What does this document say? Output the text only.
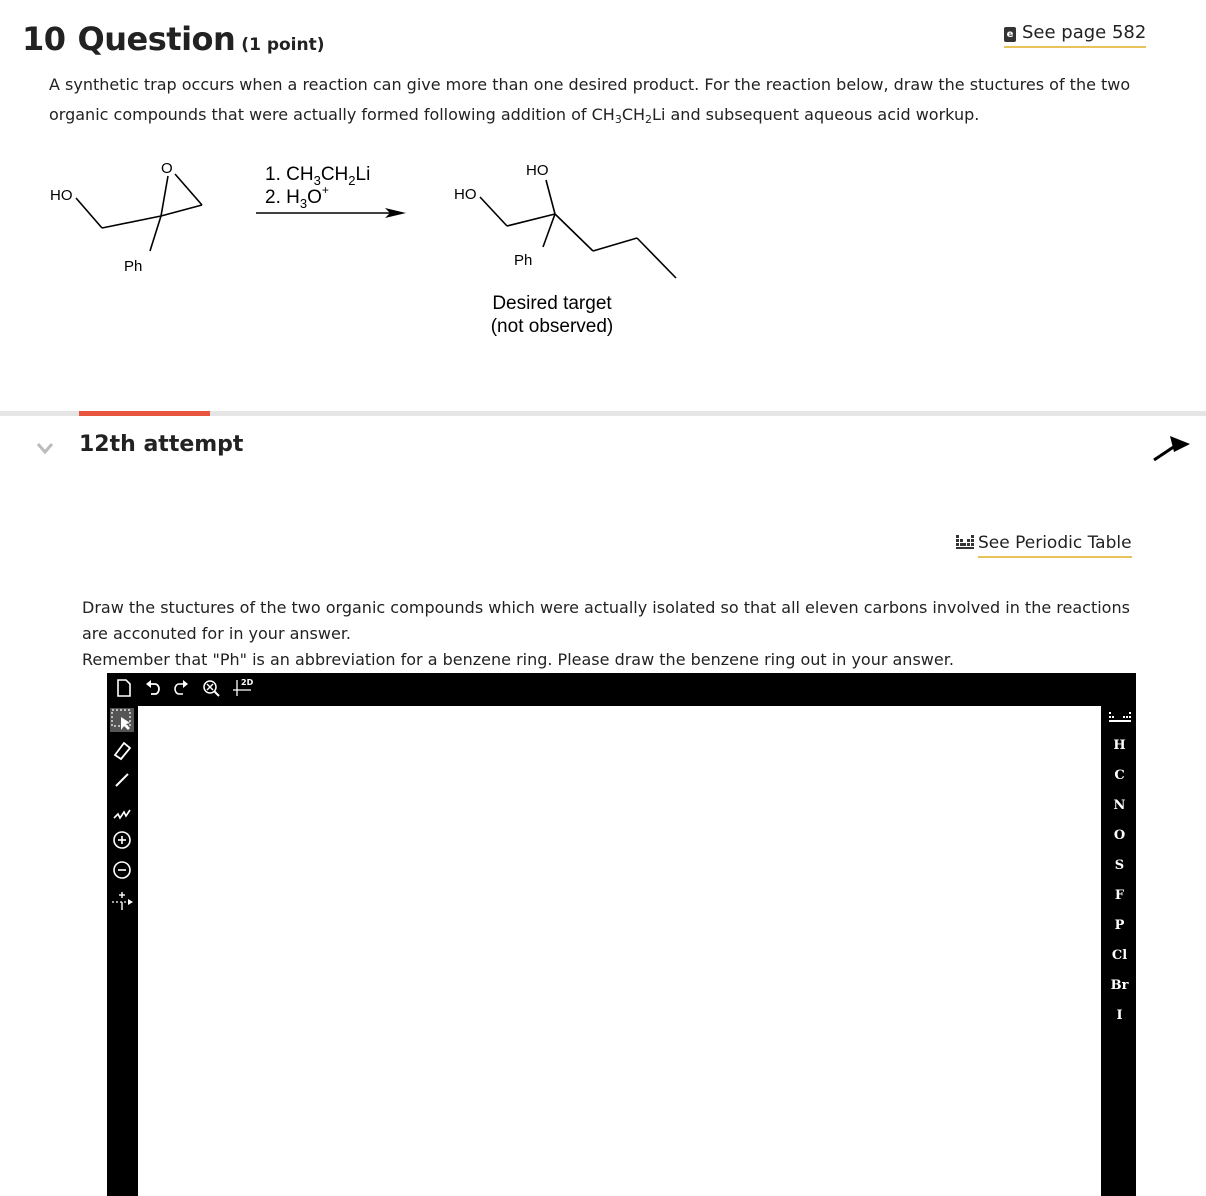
10 Question (1 point)
e See page 582
A synthetic trap occurs when a reaction can give more than one desired product. For the reaction below, draw the stuctures of the two organic compounds that were actually formed following addition of $CH_3CH_2Li$ and subsequent aqueous acid workup.
HO
O
Ph
1. $CH_3CH_2Li$
2. $H_3O^+$	HO
HO
Ph
Desired target
(not observed)
12th attempt
See Periodic Table
Draw the stuctures of the two organic compounds which were actually isolated so that all eleven carbons involved in the reactions are acconuted for in your answer.
Remember that "Ph" is an abbreviation for a benzene ring. Please draw the benzene ring out in your answer.
2D
H
C
N
O
S
F
P
Cl
Br
I
